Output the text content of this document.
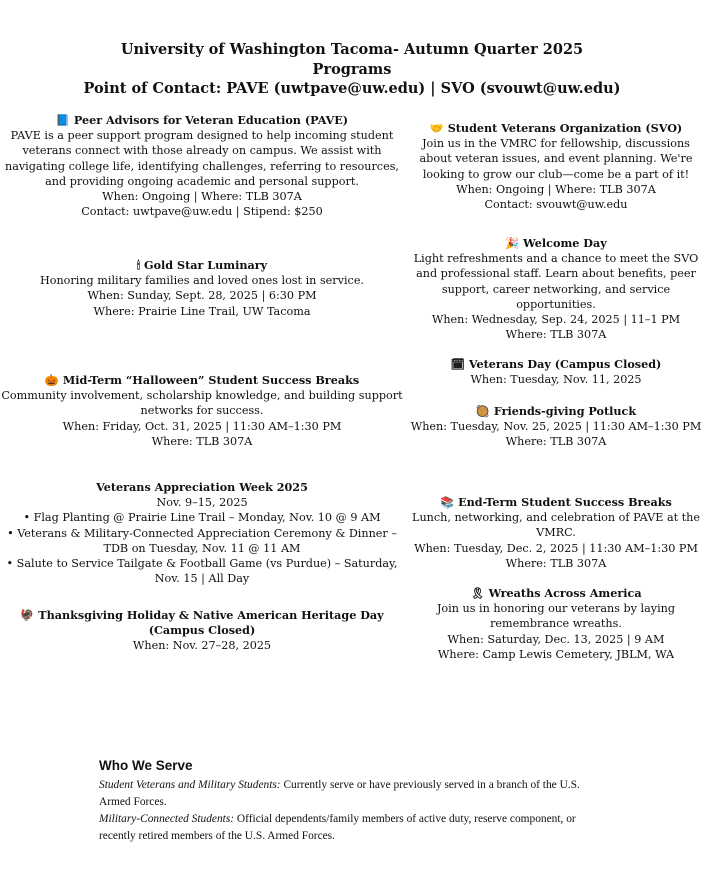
University of Washington Tacoma- Autumn Quarter 2025
Programs
Point of Contact: PAVE (uwtpave@uw.edu) | SVO (svouwt@uw.edu)
📘 Peer Advisors for Veteran Education (PAVE)
PAVE is a peer support program designed to help incoming student veterans connect with those already on campus. We assist with navigating college life, identifying challenges, referring to resources, and providing ongoing academic and personal support.
When: Ongoing | Where: TLB 307A
Contact: uwtpave@uw.edu | Stipend: $250
🕯 Gold Star Luminary
Honoring military families and loved ones lost in service.
When: Sunday, Sept. 28, 2025 | 6:30 PM
Where: Prairie Line Trail, UW Tacoma
🎃 Mid-Term “Halloween” Student Success Breaks
Community involvement, scholarship knowledge, and building support networks for success.
When: Friday, Oct. 31, 2025 | 11:30 AM–1:30 PM
Where: TLB 307A
Veterans Appreciation Week 2025
Nov. 9–15, 2025
• Flag Planting @ Prairie Line Trail – Monday, Nov. 10 @ 9 AM
• Veterans & Military-Connected Appreciation Ceremony & Dinner –TDB on Tuesday, Nov. 11 @ 11 AM
• Salute to Service Tailgate & Football Game (vs Purdue) – Saturday, Nov. 15 | All Day
🦃 Thanksgiving Holiday & Native American Heritage Day (Campus Closed)
When: Nov. 27–28, 2025
🤝 Student Veterans Organization (SVO)
Join us in the VMRC for fellowship, discussions about veteran issues, and event planning. We're looking to grow our club—come be a part of it!
When: Ongoing | Where: TLB 307A
Contact: svouwt@uw.edu
🎉 Welcome Day
Light refreshments and a chance to meet the SVO and professional staff. Learn about benefits, peer support, career networking, and service opportunities.
When: Wednesday, Sep. 24, 2025 | 11–1 PM
Where: TLB 307A
🗓 Veterans Day (Campus Closed)
When: Tuesday, Nov. 11, 2025
🥘 Friends-giving Potluck
When: Tuesday, Nov. 25, 2025 | 11:30 AM–1:30 PM
Where: TLB 307A
📚 End-Term Student Success Breaks
Lunch, networking, and celebration of PAVE at the VMRC.
When: Tuesday, Dec. 2, 2025 | 11:30 AM–1:30 PM
Where: TLB 307A
🎗 Wreaths Across America
Join us in honoring our veterans by laying remembrance wreaths.
When: Saturday, Dec. 13, 2025 | 9 AM
Where: Camp Lewis Cemetery, JBLM, WA
Who We Serve

Student Veterans and Military Students: Currently serve or have previously served in a branch of the U.S. Armed Forces.

Military-Connected Students: Official dependents/family members of active duty, reserve component, or recently retired members of the U.S. Armed Forces.
